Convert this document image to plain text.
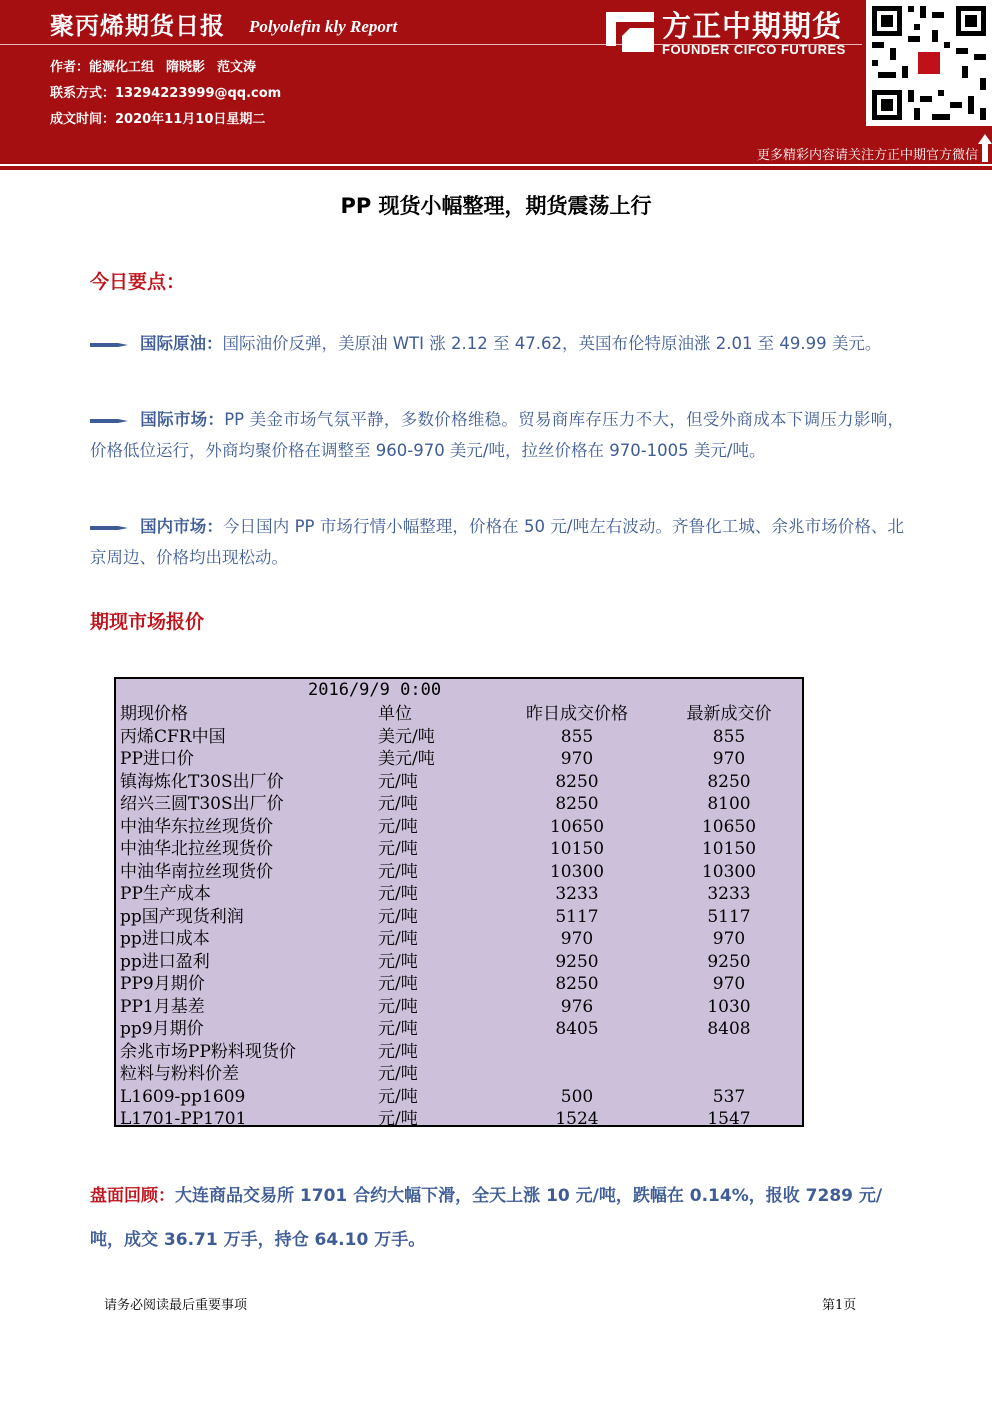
聚丙烯期货日报 Polyolefin kly Report
作者：能源化工组 隋晓影 范文涛
联系方式：13294223999@qq.com
成文时间：2020年11月10日星期二
方正中期期货
FOUNDER CIFCO FUTURES
更多精彩内容请关注方正中期官方微信
PP 现货小幅整理，期货震荡上行
今日要点：
国际原油：国际油价反弹，美原油 WTI 涨 2.12 至 47.62，英国布伦特原油涨 2.01 至 49.99 美元。
国际市场：PP 美金市场气氛平静，多数价格维稳。贸易商库存压力不大，但受外商成本下调压力影响，价格低位运行，外商均聚价格在调整至 960-970 美元/吨，拉丝价格在 970-1005 美元/吨。
国内市场：今日国内 PP 市场行情小幅整理，价格在 50 元/吨左右波动。齐鲁化工城、余兆市场价格、北京周边、价格均出现松动。
期现市场报价
2016/9/9 0:00
期现价格	单位	昨日成交价格	最新成交价
丙烯CFR中国	美元/吨	855	855
PP进口价	美元/吨	970	970
镇海炼化T30S出厂价	元/吨	8250	8250
绍兴三圆T30S出厂价	元/吨	8250	8100
中油华东拉丝现货价	元/吨	10650	10650
中油华北拉丝现货价	元/吨	10150	10150
中油华南拉丝现货价	元/吨	10300	10300
PP生产成本	元/吨	3233	3233
pp国产现货利润	元/吨	5117	5117
pp进口成本	元/吨	970	970
pp进口盈利	元/吨	9250	9250
PP9月期价	元/吨	8250	970
PP1月基差	元/吨	976	1030
pp9月期价	元/吨	8405	8408
余兆市场PP粉料现货价	元/吨
粒料与粉料价差	元/吨
L1609-pp1609	元/吨	500	537
L1701-PP1701	元/吨	1524	1547
盘面回顾：大连商品交易所 1701 合约大幅下滑，全天上涨 10 元/吨，跌幅在 0.14%，报收 7289 元/吨，成交 36.71 万手，持仓 64.10 万手。
请务必阅读最后重要事项	第1页
